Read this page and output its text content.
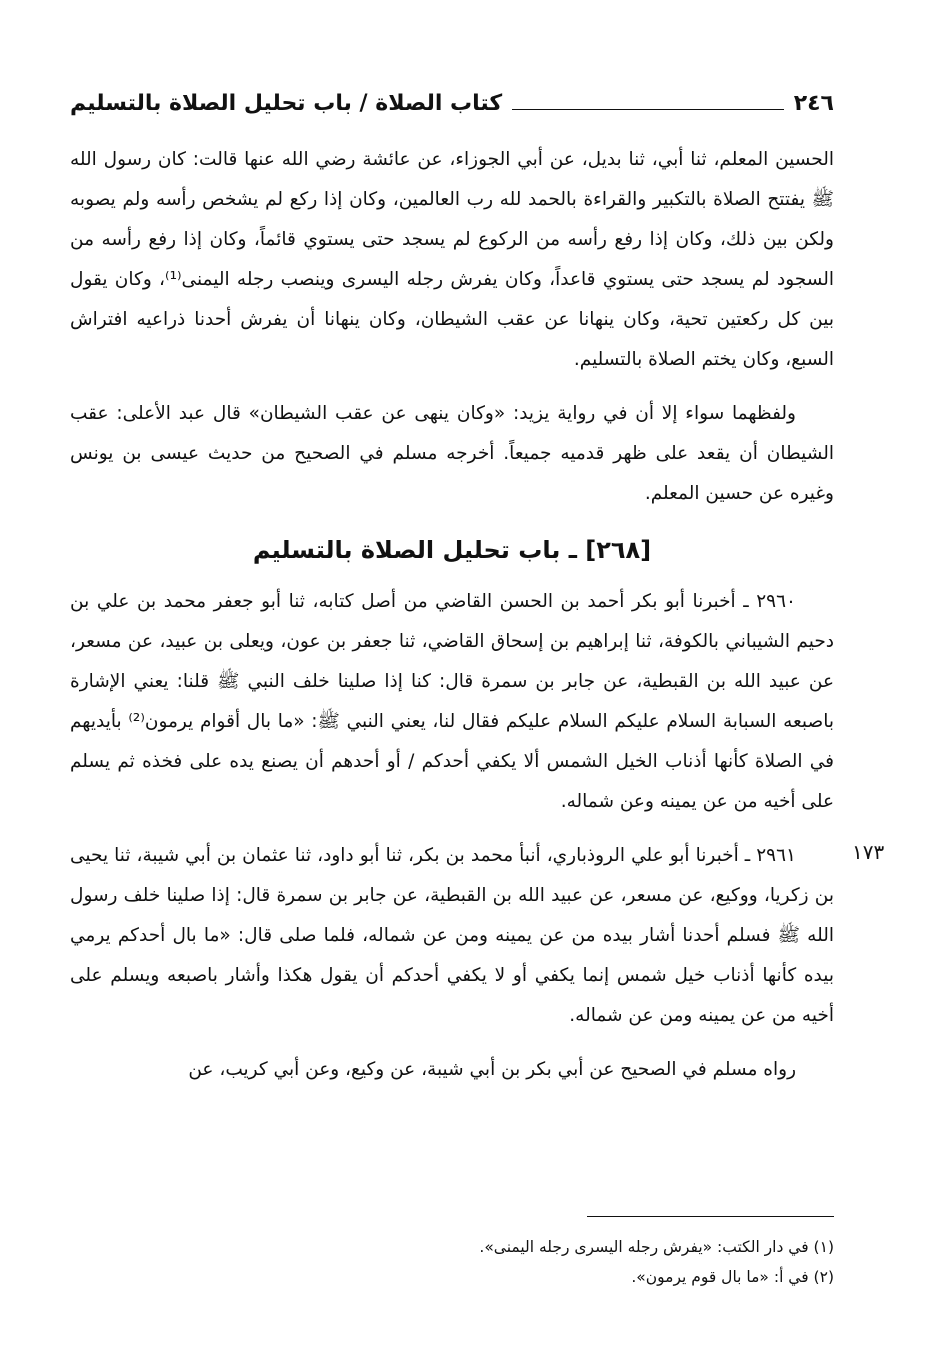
٢٤٦
كتاب الصلاة / باب تحليل الصلاة بالتسليم

الحسين المعلم، ثنا أبي، ثنا بديل، عن أبي الجوزاء، عن عائشة رضي الله عنها قالت: كان رسول الله ﷺ يفتتح الصلاة بالتكبير والقراءة بالحمد لله رب العالمين، وكان إذا ركع لم يشخص رأسه ولم يصوبه ولكن بين ذلك، وكان إذا رفع رأسه من الركوع لم يسجد حتى يستوي قائماً، وكان إذا رفع رأسه من السجود لم يسجد حتى يستوي قاعداً، وكان يفرش رجله اليسرى وينصب رجله اليمنى⁽¹⁾، وكان يقول بين كل ركعتين تحية، وكان ينهانا عن عقب الشيطان، وكان ينهانا أن يفرش أحدنا ذراعيه افتراش السبع، وكان يختم الصلاة بالتسليم.

ولفظهما سواء إلا أن في رواية يزيد: «وكان ينهى عن عقب الشيطان» قال عبد الأعلى: عقب الشيطان أن يقعد على ظهر قدميه جميعاً. أخرجه مسلم في الصحيح من حديث عيسى بن يونس وغيره عن حسين المعلم.

[٢٦٨] ـ باب تحليل الصلاة بالتسليم

٢٩٦٠ ـ أخبرنا أبو بكر أحمد بن الحسن القاضي من أصل كتابه، ثنا أبو جعفر محمد بن علي بن دحيم الشيباني بالكوفة، ثنا إبراهيم بن إسحاق القاضي، ثنا جعفر بن عون، ويعلى بن عبيد، عن مسعر، عن عبيد الله بن القبطية، عن جابر بن سمرة قال: كنا إذا صلينا خلف النبي ﷺ قلنا: يعني الإشارة باصبعه السبابة السلام عليكم السلام عليكم فقال لنا، يعني النبي ﷺ: «ما بال أقوام يرمون⁽²⁾ بأيديهم في الصلاة كأنها أذناب الخيل الشمس ألا يكفي أحدكم / أو أحدهم أن يصنع يده على فخذه ثم يسلم على أخيه من عن يمينه وعن شماله.

٢٩٦١ ـ أخبرنا أبو علي الروذباري، أنبأ محمد بن بكر، ثنا أبو داود، ثنا عثمان بن أبي شيبة، ثنا يحيى بن زكريا، ووكيع، عن مسعر، عن عبيد الله بن القبطية، عن جابر بن سمرة قال: إذا صلينا خلف رسول الله ﷺ فسلم أحدنا أشار بيده من عن يمينه ومن عن شماله، فلما صلى قال: «ما بال أحدكم يرمي بيده كأنها أذناب خيل شمس إنما يكفي أو لا يكفي أحدكم أن يقول هكذا وأشار باصبعه ويسلم على أخيه من عن يمينه ومن عن شماله.

رواه مسلم في الصحيح عن أبي بكر بن أبي شيبة، عن وكيع، وعن أبي كريب، عن

١٧٣
(١) في دار الكتب: «يفرش رجله اليسرى رجله اليمنى».
(٢) في أ: «ما بال قوم يرمون».
